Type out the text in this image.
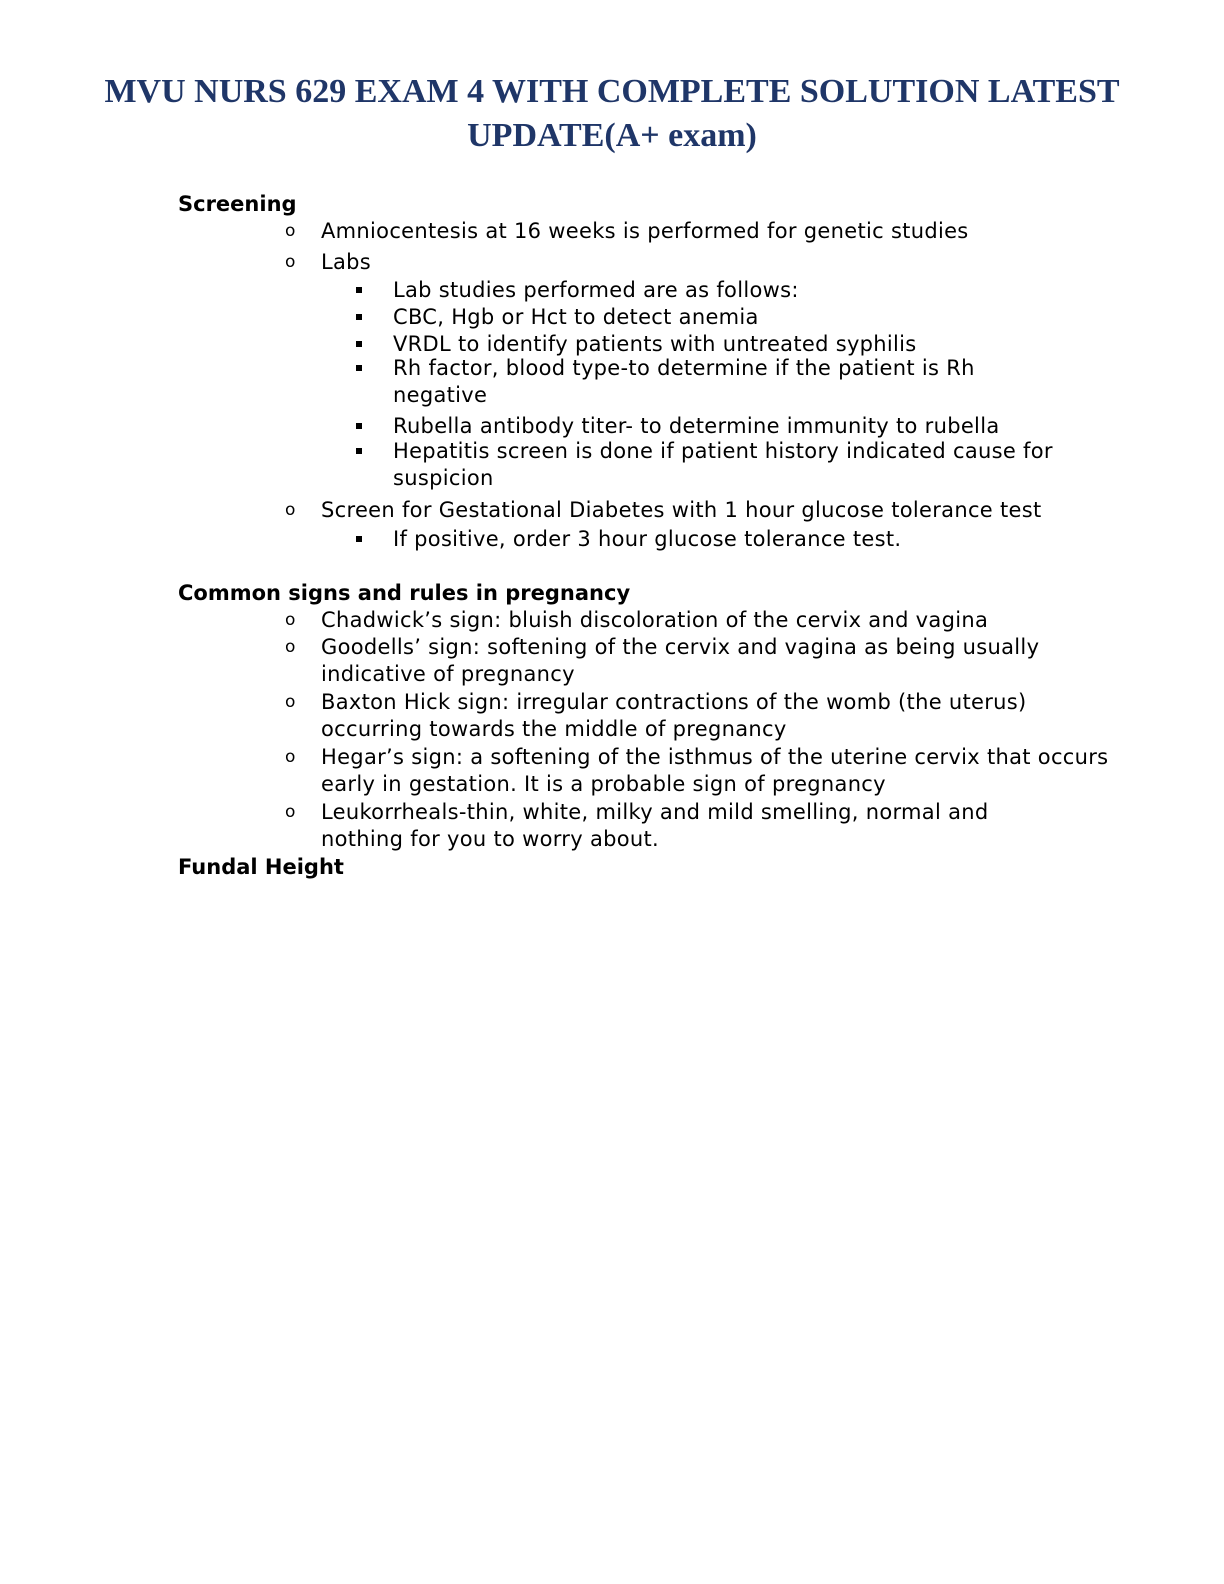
MVU NURS 629 EXAM 4 WITH COMPLETE SOLUTION LATEST
UPDATE(A+ exam)
Screening
o Amniocentesis at 16 weeks is performed for genetic studies
o Labs
Lab studies performed are as follows:
CBC, Hgb or Hct to detect anemia
VRDL to identify patients with untreated syphilis
Rh factor, blood type-to determine if the patient is Rh negative
Rubella antibody titer- to determine immunity to rubella
Hepatitis screen is done if patient history indicated cause for suspicion
o Screen for Gestational Diabetes with 1 hour glucose tolerance test
If positive, order 3 hour glucose tolerance test.
Common signs and rules in pregnancy
o Chadwick’s sign: bluish discoloration of the cervix and vagina
o Goodells’ sign: softening of the cervix and vagina as being usually indicative of pregnancy
o Baxton Hick sign: irregular contractions of the womb (the uterus) occurring towards the middle of pregnancy
o Hegar’s sign: a softening of the isthmus of the uterine cervix that occurs early in gestation. It is a probable sign of pregnancy
o Leukorrheals-thin, white, milky and mild smelling, normal and nothing for you to worry about.
Fundal Height
